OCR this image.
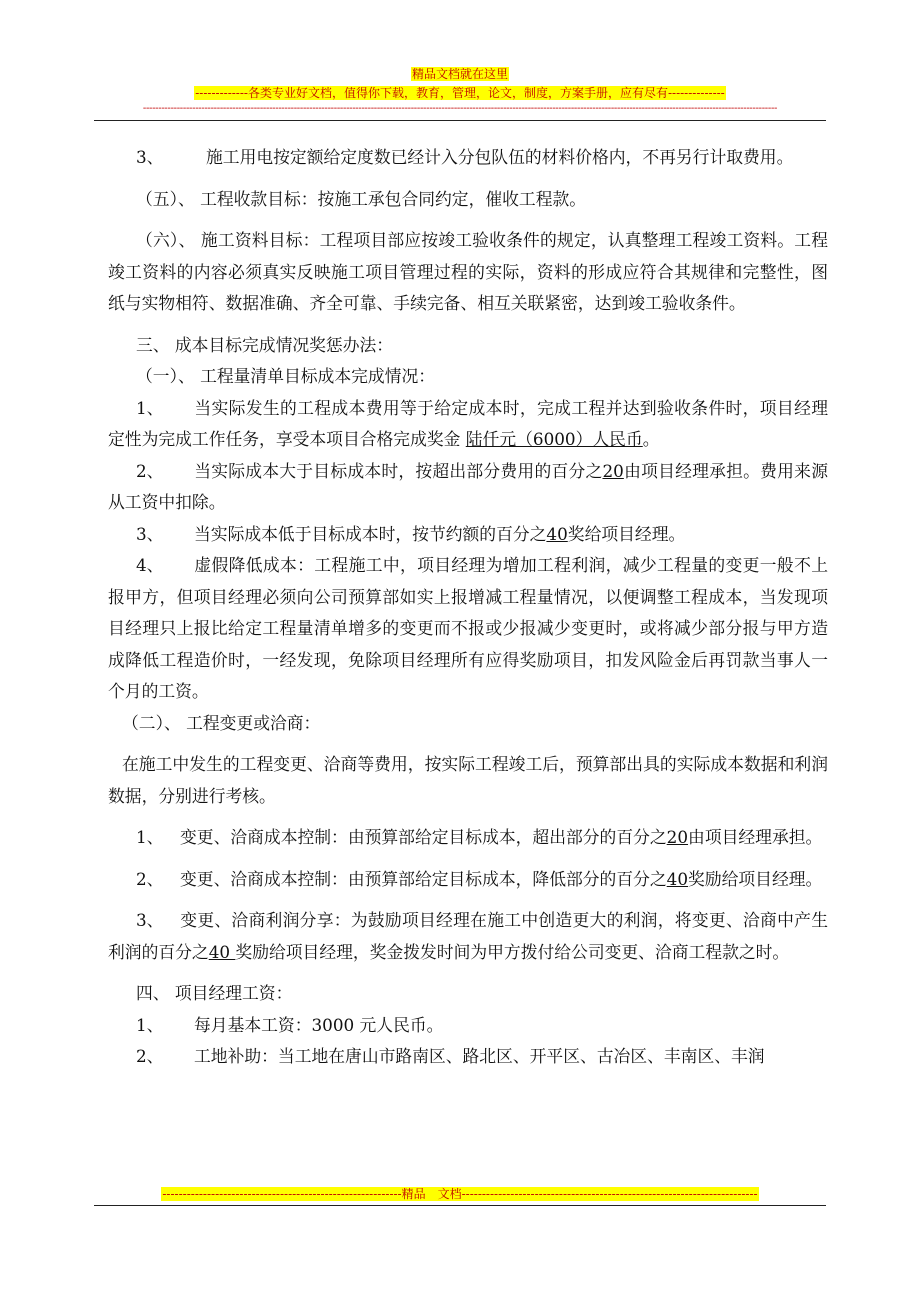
精品文档就在这里
-------------各类专业好文档，值得你下载，教育，管理，论文，制度，方案手册，应有尽有--------------
--------------------------------------------------------------------------------------------------------------------------------------------------------------------------------------------------------------

3、	施工用电按定额给定度数已经计入分包队伍的材料价格内，不再另行计取费用。

（五）、 工程收款目标：按施工承包合同约定，催收工程款。

（六）、 施工资料目标：工程项目部应按竣工验收条件的规定，认真整理工程竣工资料。工程竣工资料的内容必须真实反映施工项目管理过程的实际，资料的形成应符合其规律和完整性，图纸与实物相符、数据准确、齐全可靠、手续完备、相互关联紧密，达到竣工验收条件。

三、 成本目标完成情况奖惩办法：

（一）、 工程量清单目标成本完成情况：

1、 当实际发生的工程成本费用等于给定成本时，完成工程并达到验收条件时，项目经理定性为完成工作任务，享受本项目合格完成奖金 陆仟元（6000）人民币。

2、 当实际成本大于目标成本时，按超出部分费用的百分之20由项目经理承担。费用来源从工资中扣除。

3、 当实际成本低于目标成本时，按节约额的百分之40奖给项目经理。

4、 虚假降低成本：工程施工中，项目经理为增加工程利润，减少工程量的变更一般不上报甲方，但项目经理必须向公司预算部如实上报增减工程量情况，以便调整工程成本，当发现项目经理只上报比给定工程量清单增多的变更而不报或少报减少变更时，或将减少部分报与甲方造成降低工程造价时，一经发现，免除项目经理所有应得奖励项目，扣发风险金后再罚款当事人一个月的工资。

（二）、 工程变更或洽商：

在施工中发生的工程变更、洽商等费用，按实际工程竣工后，预算部出具的实际成本数据和利润数据，分别进行考核。

1、 变更、洽商成本控制：由预算部给定目标成本，超出部分的百分之20由项目经理承担。

2、 变更、洽商成本控制：由预算部给定目标成本，降低部分的百分之40奖励给项目经理。

3、 变更、洽商利润分享：为鼓励项目经理在施工中创造更大的利润，将变更、洽商中产生利润的百分之40 奖励给项目经理，奖金拨发时间为甲方拨付给公司变更、洽商工程款之时。

四、 项目经理工资：

1、 每月基本工资：3000 元人民币。

2、 工地补助：当工地在唐山市路南区、路北区、开平区、古冶区、丰南区、丰润

-----------------------------------------------------------精品　文档-------------------------------------------------------------------------
